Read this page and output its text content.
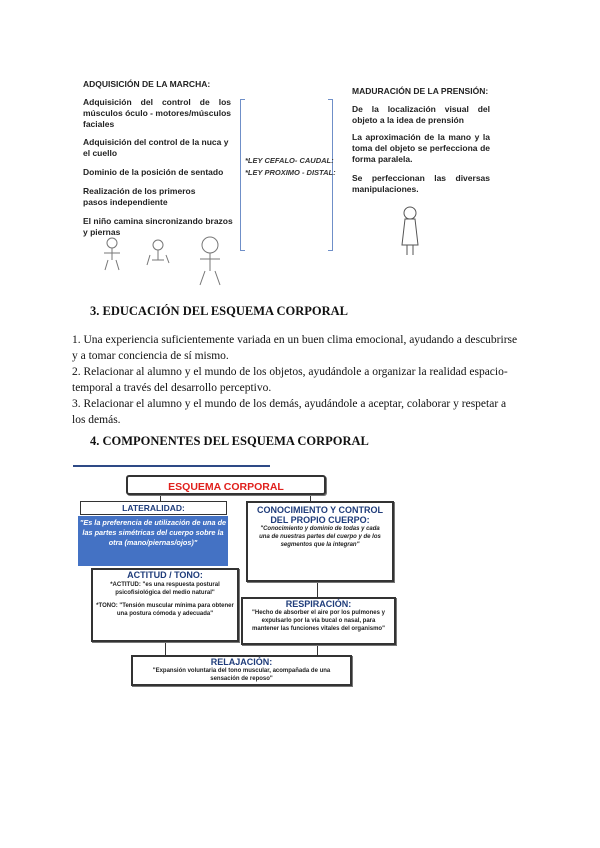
ADQUISICIÓN DE LA MARCHA:
Adquisición del control de los músculos óculo - motores/músculos faciales
Adquisición del control de la nuca y el cuello
Dominio de la posición de sentado
Realización de los primeros pasos independiente
El niño camina sincronizando brazos y piernas
*LEY CEFALO- CAUDAL:
*LEY PROXIMO - DISTAL:
MADURACIÓN DE LA PRENSIÓN:
De la localización visual del objeto a la idea de prensión
La aproximación de la mano y la toma del objeto se perfecciona de forma paralela.
Se perfeccionan las diversas manipulaciones.
3. EDUCACIÓN DEL ESQUEMA CORPORAL
1. Una experiencia suficientemente variada en un buen clima emocional, ayudando a descubrirse y a tomar conciencia de sí mismo.
2. Relacionar al alumno y el mundo de los objetos, ayudándole a organizar la realidad espacio-temporal a través del desarrollo perceptivo.
3. Relacionar el alumno y el mundo de los demás, ayudándole a aceptar, colaborar y respetar a los demás.
4. COMPONENTES DEL ESQUEMA CORPORAL
ESQUEMA CORPORAL
LATERALIDAD:
"Es la preferencia de utilización de una de las partes simétricas del cuerpo sobre la otra (mano/piernas/ojos)"
ACTITUD / TONO:
*ACTITUD: "es una respuesta postural psicofisiológica del medio natural"
*TONO: "Tensión muscular mínima para obtener una postura cómoda y adecuada"
CONOCIMIENTO Y CONTROL DEL PROPIO CUERPO:
"Conocimiento y dominio de todas y cada una de nuestras partes del cuerpo y de los segmentos que la integran"
RESPIRACIÓN:
"Hecho de absorber el aire por los pulmones y expulsarlo por la vía bucal o nasal, para mantener las funciones vitales del organismo"
RELAJACIÓN:
"Expansión voluntaria del tono muscular, acompañada de una sensación de reposo"
